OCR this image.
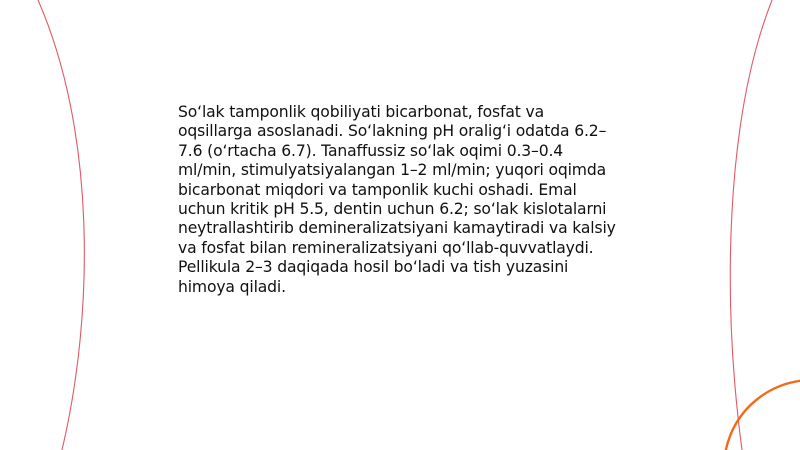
So‘lak tamponlik qobiliyati bicarbonat, fosfat va oqsillarga asoslanadi. So‘lakning pH oralig‘i odatda 6.2–7.6 (o‘rtacha 6.7). Tanaffussiz so‘lak oqimi 0.3–0.4 ml/min, stimulyatsiyalangan 1–2 ml/min; yuqori oqimda bicarbonat miqdori va tamponlik kuchi oshadi. Emal uchun kritik pH 5.5, dentin uchun 6.2; so‘lak kislotalarni neytrallashtirib demineralizatsiyani kamaytiradi va kalsiy va fosfat bilan remineralizatsiyani qo‘llab-quvvatlaydi. Pellikula 2–3 daqiqada hosil bo‘ladi va tish yuzasini himoya qiladi.
